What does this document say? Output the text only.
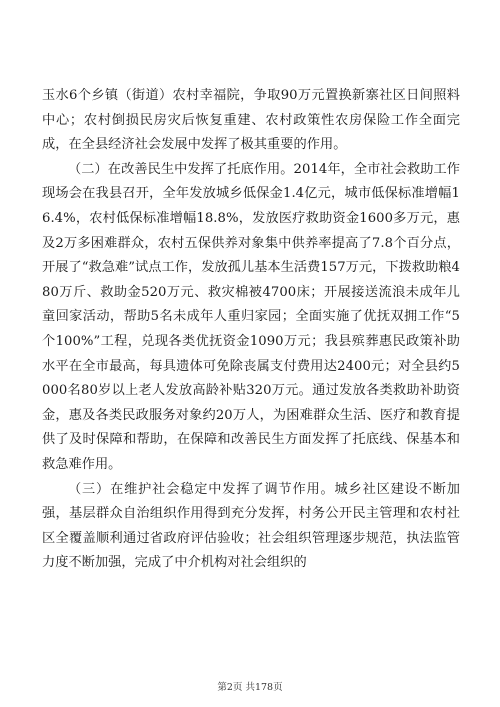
玉水6个乡镇（街道）农村幸福院，争取90万元置换新寨社区日间照料中心；农村倒损民房灾后恢复重建、农村政策性农房保险工作全面完成，在全县经济社会发展中发挥了极其重要的作用。

（二）在改善民生中发挥了托底作用。2014年，全市社会救助工作现场会在我县召开，全年发放城乡低保金1.4亿元，城市低保标准增幅16.4%，农村低保标准增幅18.8%，发放医疗救助资金1600多万元，惠及2万多困难群众，农村五保供养对象集中供养率提高了7.8个百分点，开展了“救急难”试点工作，发放孤儿基本生活费157万元，下拨救助粮480万斤、救助金520万元、救灾棉被4700床；开展接送流浪未成年儿童回家活动，帮助5名未成年人重归家园；全面实施了优抚双拥工作“5个100%”工程，兑现各类优抚资金1090万元；我县殡葬惠民政策补助水平在全市最高，每具遗体可免除丧属支付费用达2400元；对全县约5000名80岁以上老人发放高龄补贴320万元。通过发放各类救助补助资金，惠及各类民政服务对象约20万人，为困难群众生活、医疗和教育提供了及时保障和帮助，在保障和改善民生方面发挥了托底线、保基本和救急难作用。

（三）在维护社会稳定中发挥了调节作用。城乡社区建设不断加强，基层群众自治组织作用得到充分发挥，村务公开民主管理和农村社区全覆盖顺利通过省政府评估验收；社会组织管理逐步规范，执法监管力度不断加强，完成了中介机构对社会组织的

第2页 共178页
